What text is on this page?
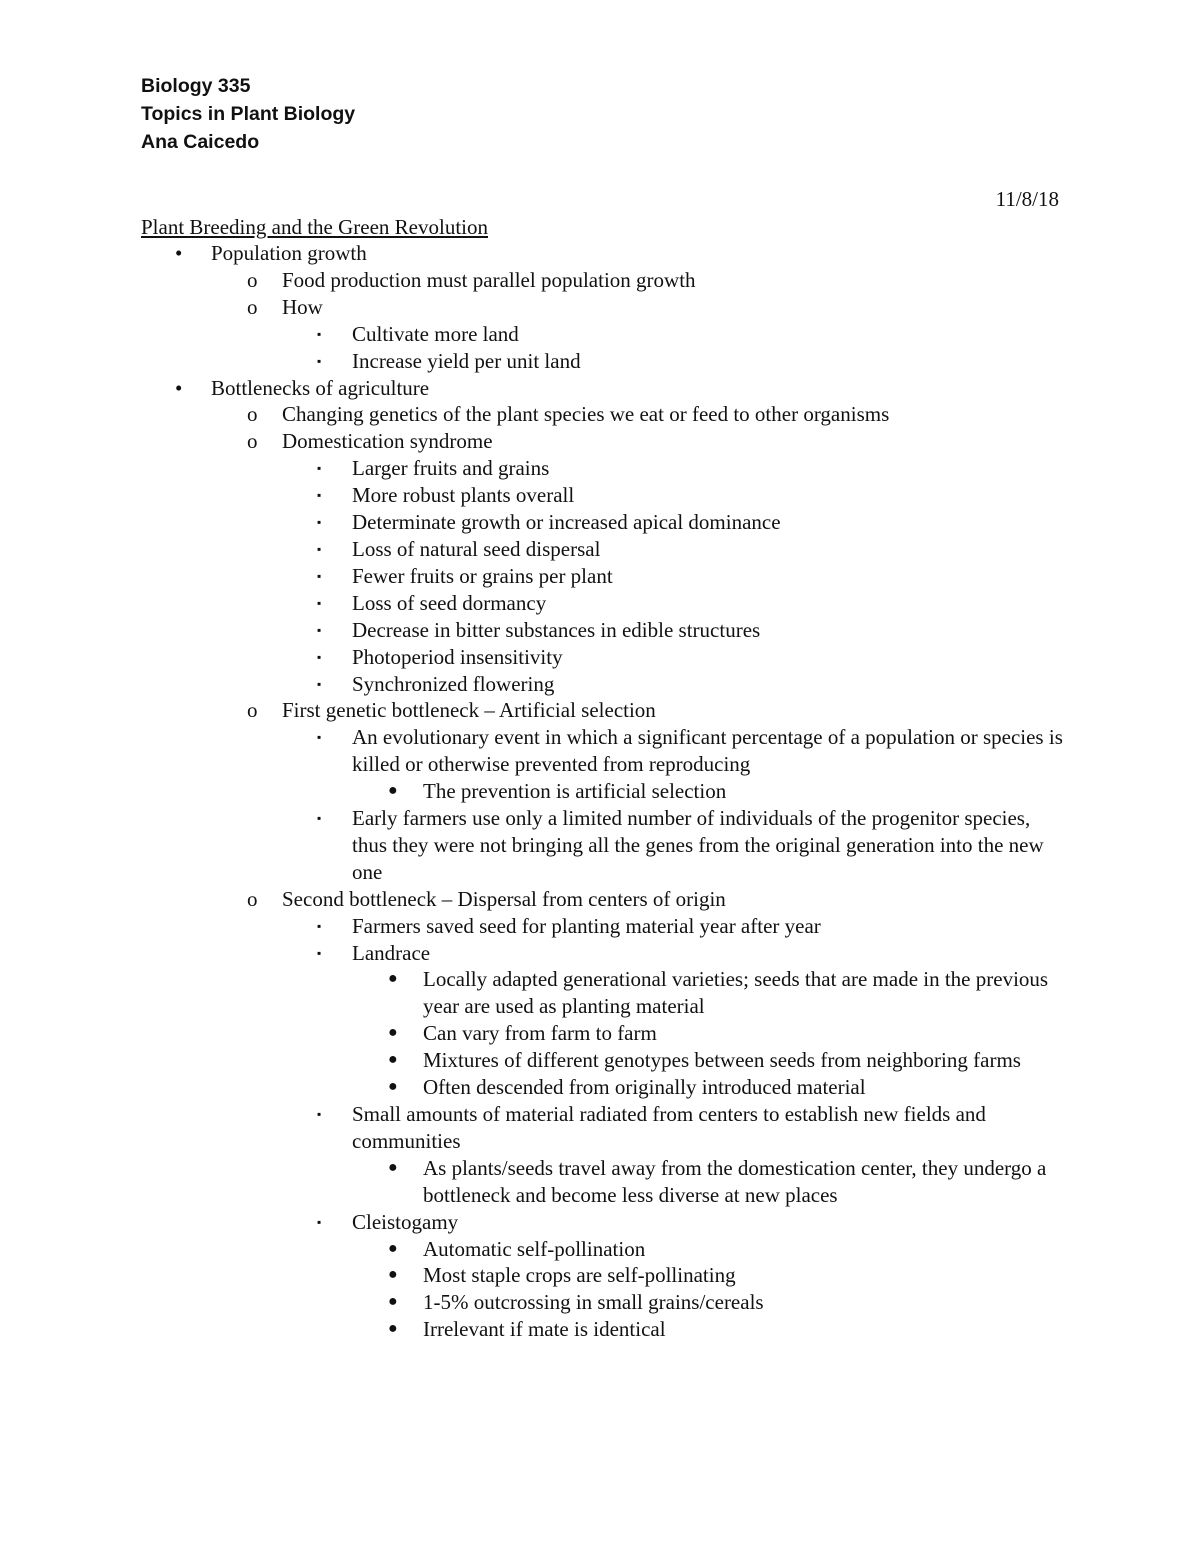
Biology 335
Topics in Plant Biology
Ana Caicedo
11/8/18
Plant Breeding and the Green Revolution
•	Population growth
o	Food production must parallel population growth
o	How
▪	Cultivate more land
▪	Increase yield per unit land
•	Bottlenecks of agriculture
o	Changing genetics of the plant species we eat or feed to other organisms
o	Domestication syndrome
▪	Larger fruits and grains
▪	More robust plants overall
▪	Determinate growth or increased apical dominance
▪	Loss of natural seed dispersal
▪	Fewer fruits or grains per plant
▪	Loss of seed dormancy
▪	Decrease in bitter substances in edible structures
▪	Photoperiod insensitivity
▪	Synchronized flowering
o	First genetic bottleneck – Artificial selection
▪	An evolutionary event in which a significant percentage of a population or species is killed or otherwise prevented from reproducing
●	The prevention is artificial selection
▪	Early farmers use only a limited number of individuals of the progenitor species, thus they were not bringing all the genes from the original generation into the new one
o	Second bottleneck – Dispersal from centers of origin
▪	Farmers saved seed for planting material year after year
▪	Landrace
●	Locally adapted generational varieties; seeds that are made in the previous year are used as planting material
●	Can vary from farm to farm
●	Mixtures of different genotypes between seeds from neighboring farms
●	Often descended from originally introduced material
▪	Small amounts of material radiated from centers to establish new fields and communities
●	As plants/seeds travel away from the domestication center, they undergo a bottleneck and become less diverse at new places
▪	Cleistogamy
●	Automatic self-pollination
●	Most staple crops are self-pollinating
●	1-5% outcrossing in small grains/cereals
●	Irrelevant if mate is identical
